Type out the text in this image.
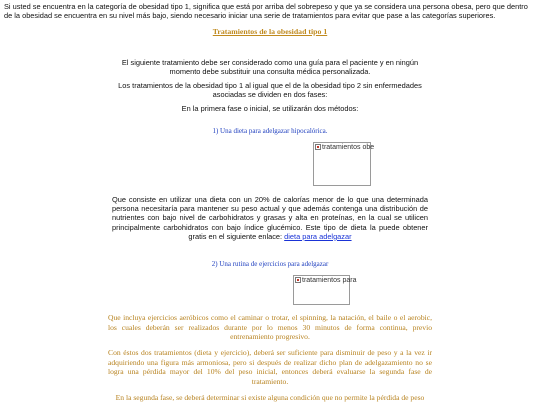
Si usted se encuentra en la categoría de obesidad tipo 1, significa que está por arriba del sobrepeso y que ya se considera una persona obesa, pero que dentro de la obesidad se encuentra en su nivel más bajo, siendo necesario iniciar una serie de tratamientos para evitar que pase a las categorías superiores.

Tratamientos de la obesidad tipo 1

El siguiente tratamiento debe ser considerado como una guía para el paciente y en ningún momento debe substituir una consulta médica personalizada.

Los tratamientos de la obesidad tipo 1 al igual que el de la obesidad tipo 2 sin enfermedades asociadas se dividen en dos fases:

En la primera fase o inicial, se utilizarán dos métodos:

1) Una dieta para adelgazar hipocalórica.
tratamientos obe

Que consiste en utilizar una dieta con un 20% de calorías menor de lo que una determinada persona necesitaría para mantener su peso actual y que además contenga una distribución de nutrientes con bajo nivel de carbohidratos y grasas y alta en proteínas, en la cual se utilicen principalmente carbohidratos con bajo índice glucémico. Este tipo de dieta la puede obtener gratis en el siguiente enlace: dieta para adelgazar

2) Una rutina de ejercicios para adelgazar
tratamientos para

Que incluya ejercicios aeróbicos como el caminar o trotar, el spinning, la natación, el baile o el aerobic, los cuales deberán ser realizados durante por lo menos 30 minutos de forma continua, previo entrenamiento progresivo.

Con éstos dos tratamientos (dieta y ejercicio), deberá ser suficiente para disminuir de peso y a la vez ir adquiriendo una figura más armoniosa, pero si después de realizar dicho plan de adelgazamiento no se logra una pérdida mayor del 10% del peso inicial, entonces deberá evaluarse la segunda fase de tratamiento.

En la segunda fase, se deberá determinar si existe alguna condición que no permite la pérdida de peso
